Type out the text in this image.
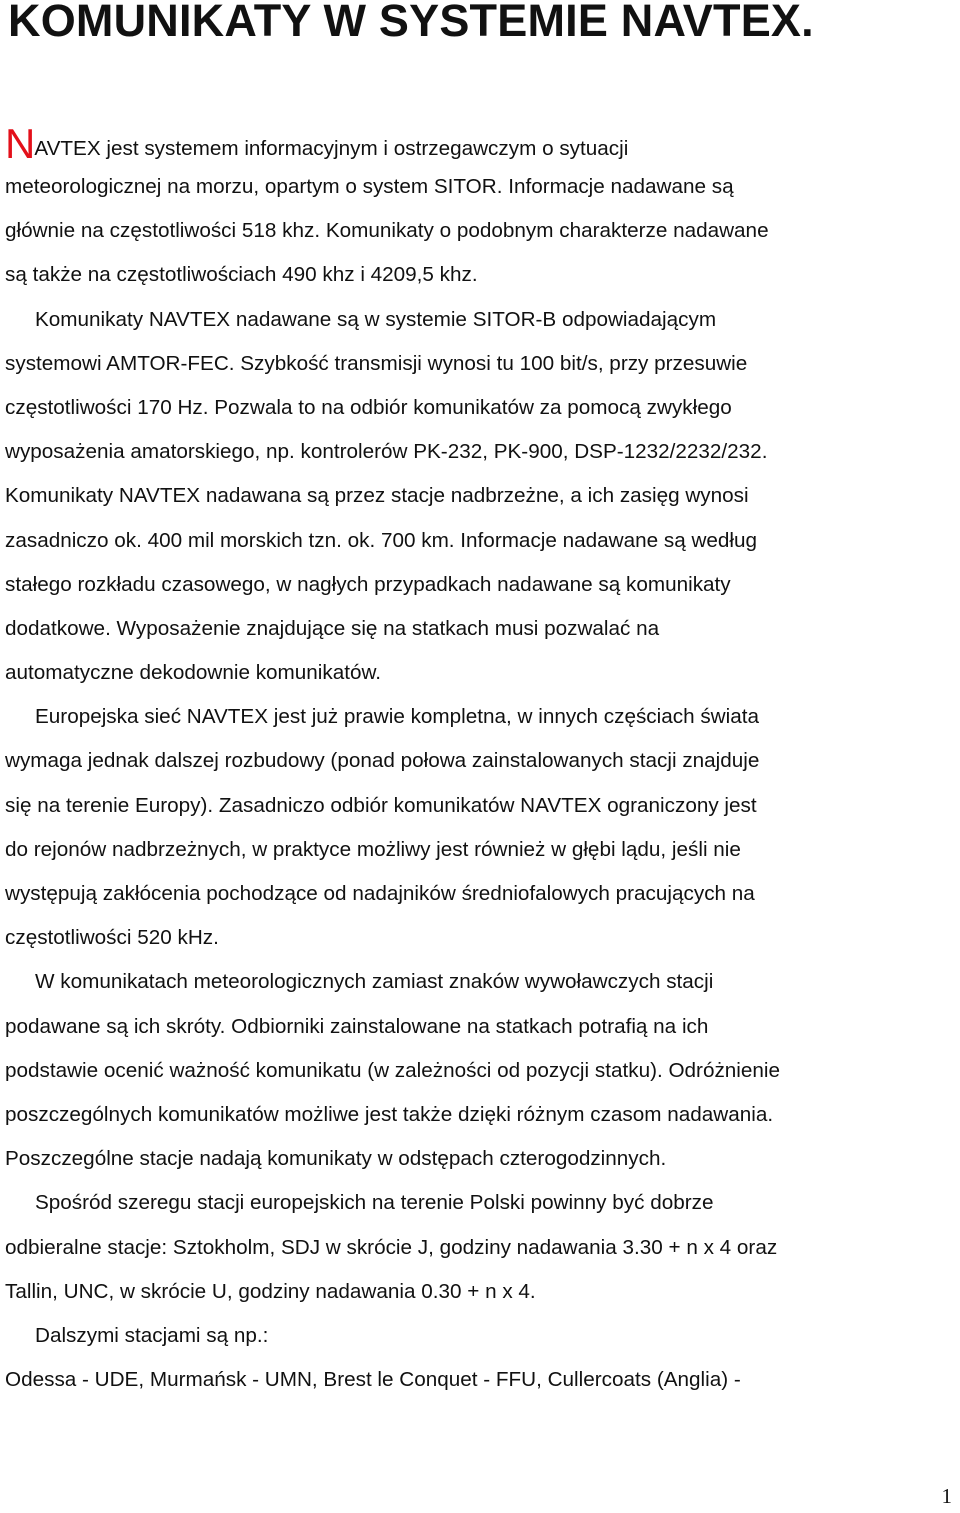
KOMUNIKATY W SYSTEMIE NAVTEX.

NAVTEX jest systemem informacyjnym i ostrzegawczym o sytuacji

meteorologicznej na morzu, opartym o system SITOR. Informacje nadawane są

głównie na częstotliwości 518 khz. Komunikaty o podobnym charakterze nadawane

są także na częstotliwościach 490 khz i 4209,5 khz.

Komunikaty NAVTEX nadawane są w systemie SITOR-B odpowiadającym

systemowi AMTOR-FEC. Szybkość transmisji wynosi tu 100 bit/s, przy przesuwie

częstotliwości 170 Hz. Pozwala to na odbiór komunikatów za pomocą zwykłego

wyposażenia amatorskiego, np. kontrolerów PK-232, PK-900, DSP-1232/2232/232.

Komunikaty NAVTEX nadawana są przez stacje nadbrzeżne, a ich zasięg wynosi

zasadniczo ok. 400 mil morskich tzn. ok. 700 km. Informacje nadawane są według

stałego rozkładu czasowego, w nagłych przypadkach nadawane są komunikaty

dodatkowe. Wyposażenie znajdujące się na statkach musi pozwalać na

automatyczne dekodownie komunikatów.

Europejska sieć NAVTEX jest już prawie kompletna, w innych częściach świata

wymaga jednak dalszej rozbudowy (ponad połowa zainstalowanych stacji znajduje

się na terenie Europy). Zasadniczo odbiór komunikatów NAVTEX ograniczony jest

do rejonów nadbrzeżnych, w praktyce możliwy jest również w głębi lądu, jeśli nie

występują zakłócenia pochodzące od nadajników średniofalowych pracujących na

częstotliwości 520 kHz.

W komunikatach meteorologicznych zamiast znaków wywoławczych stacji

podawane są ich skróty. Odbiorniki zainstalowane na statkach potrafią na ich

podstawie ocenić ważność komunikatu (w zależności od pozycji statku). Odróżnienie

poszczególnych komunikatów możliwe jest także dzięki różnym czasom nadawania.

Poszczególne stacje nadają komunikaty w odstępach czterogodzinnych.

Spośród szeregu stacji europejskich na terenie Polski powinny być dobrze

odbieralne stacje: Sztokholm, SDJ w skrócie J, godziny nadawania 3.30 + n x 4 oraz

Tallin, UNC, w skrócie U, godziny nadawania 0.30 + n x 4.

Dalszymi stacjami są np.:

Odessa - UDE, Murmańsk - UMN, Brest le Conquet - FFU, Cullercoats (Anglia) -

1
